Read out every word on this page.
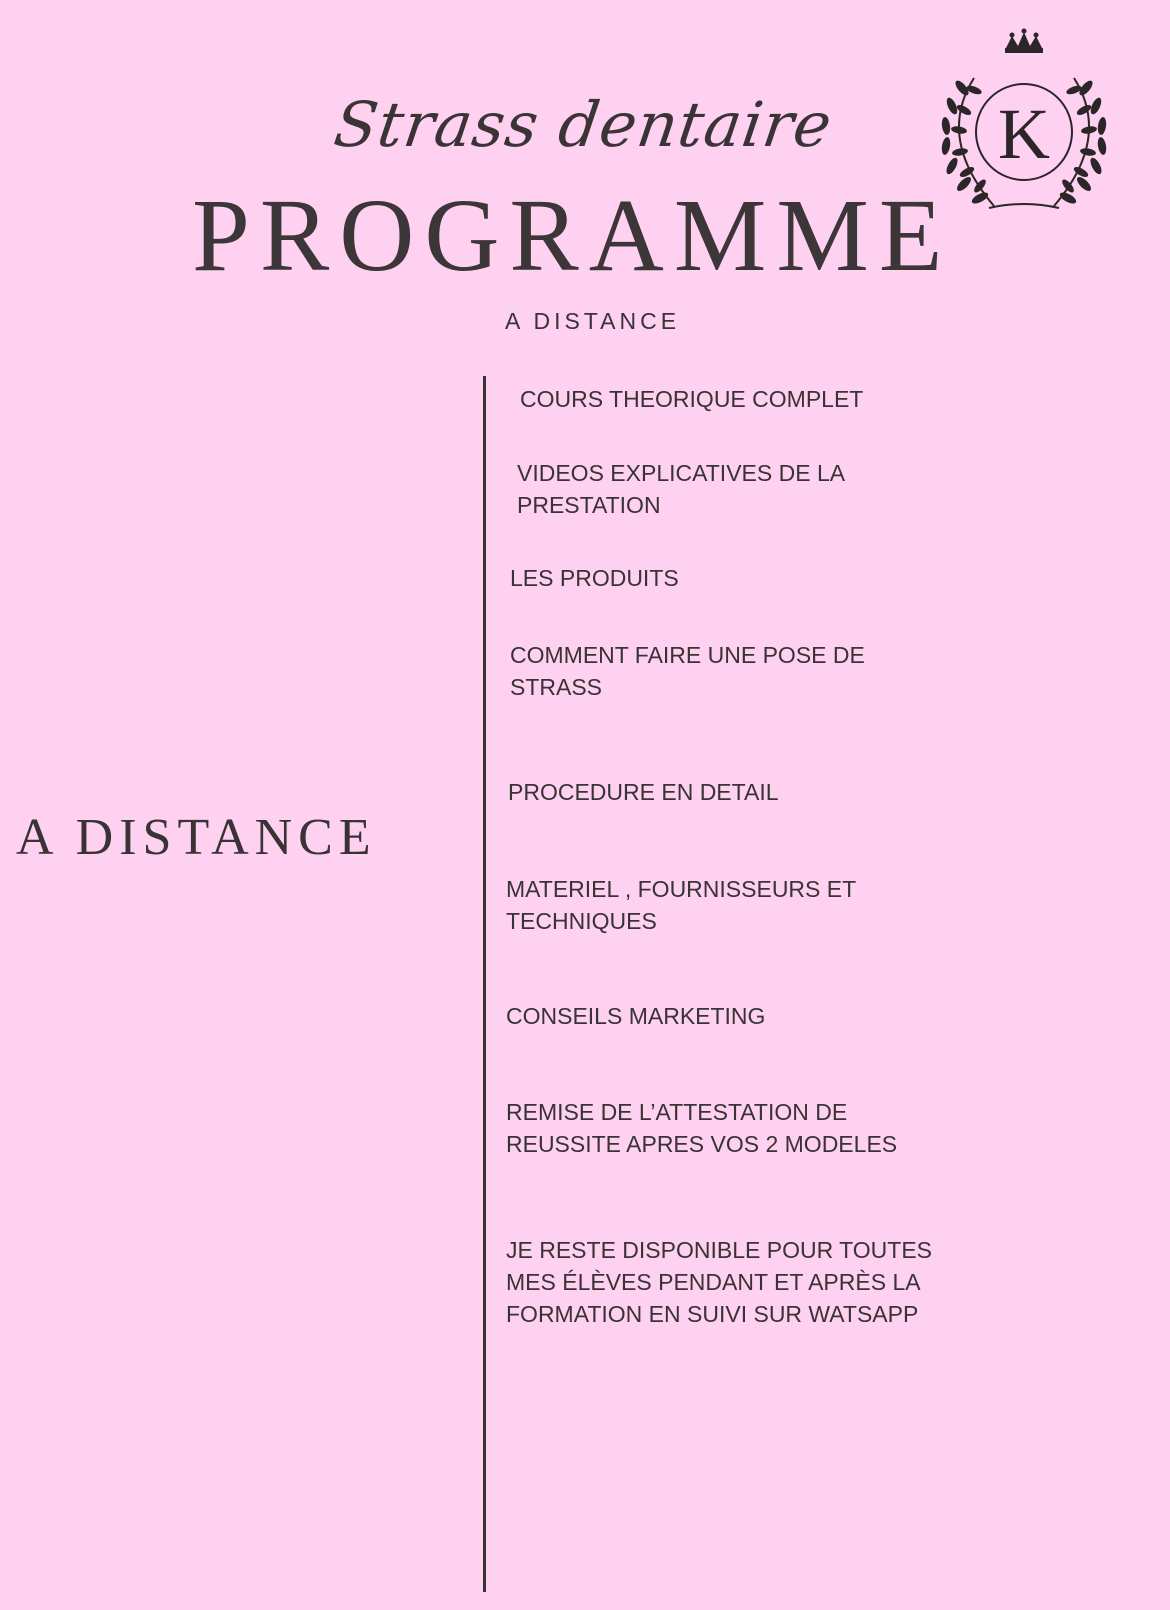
Strass dentaire
PROGRAMME
A DISTANCE
K
A DISTANCE
COURS THEORIQUE COMPLET
VIDEOS EXPLICATIVES DE LA
PRESTATION
LES PRODUITS
COMMENT FAIRE UNE POSE DE
STRASS
PROCEDURE EN DETAIL
MATERIEL , FOURNISSEURS ET
TECHNIQUES
CONSEILS MARKETING
REMISE DE L’ATTESTATION DE
REUSSITE APRES VOS 2 MODELES
JE RESTE DISPONIBLE POUR TOUTES
MES ÉLÈVES PENDANT ET APRÈS LA
FORMATION EN SUIVI SUR WATSAPP
